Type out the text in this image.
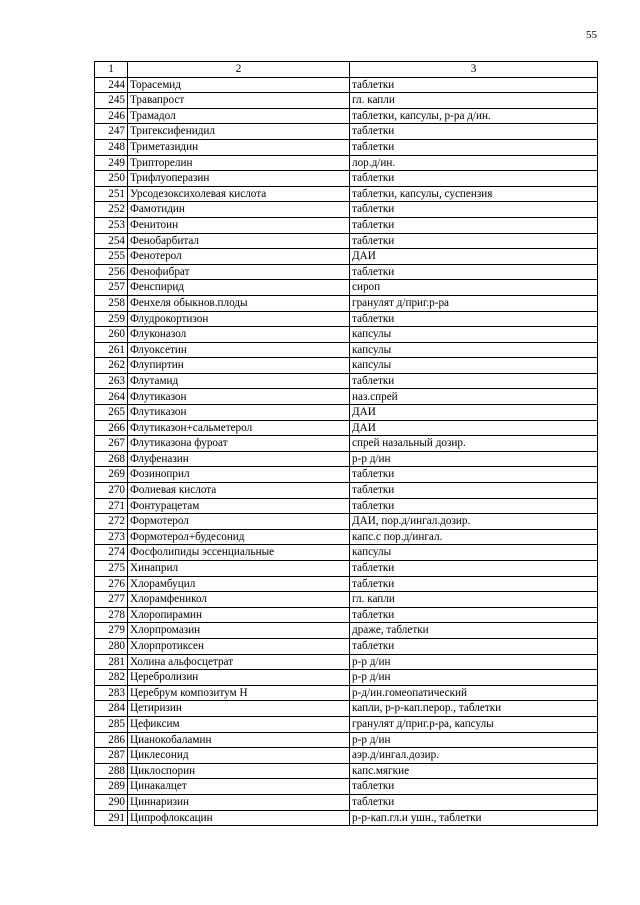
55
1	2	3
244	Торасемид	таблетки
245	Травапрост	гл. капли
246	Трамадол	таблетки, капсулы, р-ра д/ин.
247	Тригексифенидил	таблетки
248	Триметазидин	таблетки
249	Трипторелин	лор.д/ин.
250	Трифлуоперазин	таблетки
251	Урсодезоксихолевая кислота	таблетки, капсулы, суспензия
252	Фамотидин	таблетки
253	Фенитоин	таблетки
254	Фенобарбитал	таблетки
255	Фенотерол	ДАИ
256	Фенофибрат	таблетки
257	Фенспирид	сироп
258	Фенхеля обыкнов.плоды	гранулят д/приг.р-ра
259	Флудрокортизон	таблетки
260	Флуконазол	капсулы
261	Флуоксетин	капсулы
262	Флупиртин	капсулы
263	Флутамид	таблетки
264	Флутиказон	наз.спрей
265	Флутиказон	ДАИ
266	Флутиказон+сальметерол	ДАИ
267	Флутиказона фуроат	спрей назальный дозир.
268	Флуфеназин	р-р д/ин
269	Фозиноприл	таблетки
270	Фолиевая кислота	таблетки
271	Фонтурацетам	таблетки
272	Формотерол	ДАИ, пор.д/ингал.дозир.
273	Формотерол+будесонид	капс.с пор.д/ингал.
274	Фосфолипиды эссенциальные	капсулы
275	Хинаприл	таблетки
276	Хлорамбуцил	таблетки
277	Хлорамфеникол	гл. капли
278	Хлоропирамин	таблетки
279	Хлорпромазин	драже, таблетки
280	Хлорпротиксен	таблетки
281	Холина альфосцетрат	р-р д/ин
282	Церебролизин	р-р д/ин
283	Церебрум композитум Н	р-д/ин.гомеопатический
284	Цетиризин	капли, р-р-кап.перор., таблетки
285	Цефиксим	гранулят д/приг.р-ра, капсулы
286	Цианокобаламин	р-р д/ин
287	Циклесонид	аэр.д/ингал.дозир.
288	Циклоспорин	капс.мягкие
289	Цинакалцет	таблетки
290	Циннаризин	таблетки
291	Ципрофлоксацин	р-р-кап.гл.и ушн., таблетки
